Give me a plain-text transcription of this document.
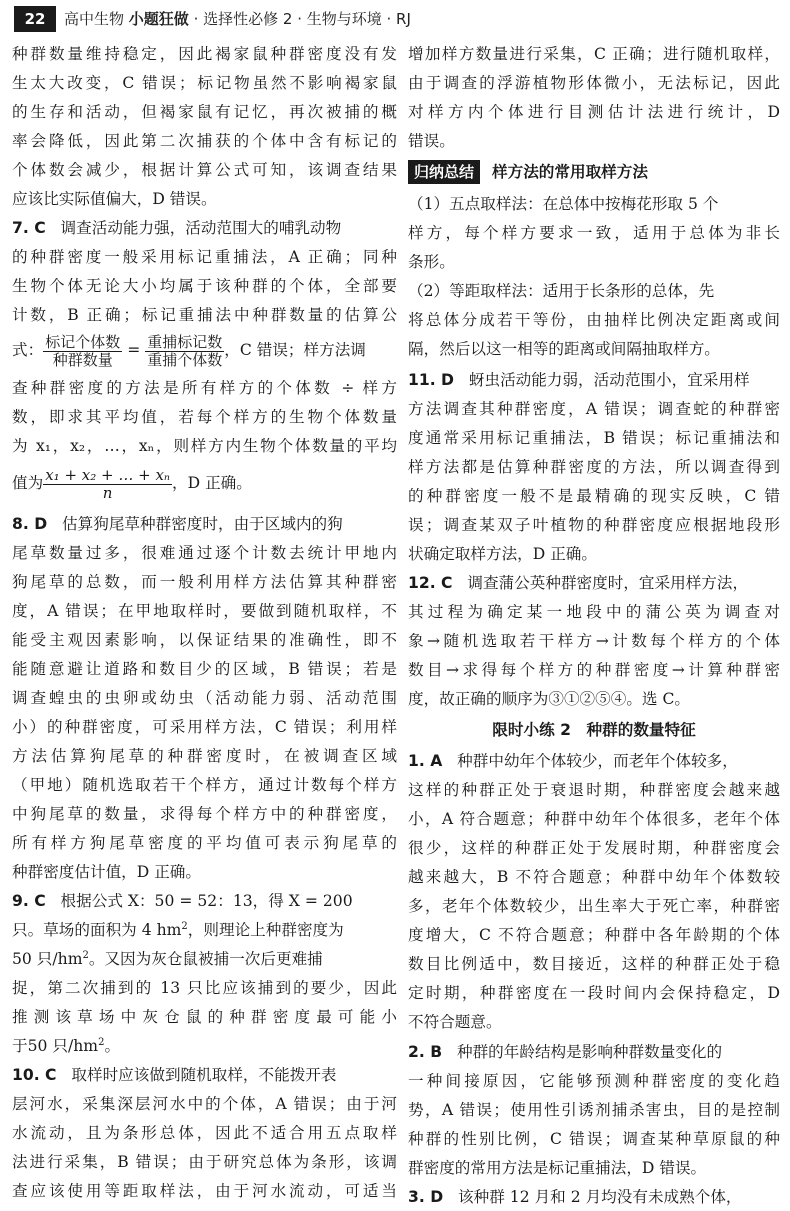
22	高中生物 小题狂做 · 选择性必修 2 · 生物与环境 · RJ
种群数量维持稳定，因此褐家鼠种群密度没有发
生太大改变，C 错误；标记物虽然不影响褐家鼠
的生存和活动，但褐家鼠有记忆，再次被捕的概
率会降低，因此第二次捕获的个体中含有标记的
个体数会减少，根据计算公式可知，该调查结果
应该比实际值偏大，D 错误。
7. C 调查活动能力强，活动范围大的哺乳动物
的种群密度一般采用标记重捕法，A 正确；同种
生物个体无论大小均属于该种群的个体，全部要
计数，B 正确；标记重捕法中种群数量的估算公
式： 标记个体数
种群数量
= 重捕标记数
重捕个体数
，C 错误；样方法调
查种群密度的方法是所有样方的个体数 ÷ 样方
数，即求其平均值，若每个样方的生物个体数量
为 x₁，x₂，…，xₙ，则样方内生物个体数量的平均
值为 $\frac{\text{x₁ + x₂ + … + xₙ}}{n}$ ，D 正确。
8. D 估算狗尾草种群密度时，由于区域内的狗
尾草数量过多，很难通过逐个计数去统计甲地内
狗尾草的总数，而一般利用样方法估算其种群密
度，A 错误；在甲地取样时，要做到随机取样，不
能受主观因素影响，以保证结果的准确性，即不
能随意避让道路和数目少的区域，B 错误；若是
调查蝗虫的虫卵或幼虫（活动能力弱、活动范围
小）的种群密度，可采用样方法，C 错误；利用样
方法估算狗尾草的种群密度时，在被调查区域
（甲地）随机选取若干个样方，通过计数每个样方
中狗尾草的数量，求得每个样方中的种群密度，
所有样方狗尾草密度的平均值可表示狗尾草的
种群密度估计值，D 正确。
9. C 根据公式 X：50 = 52：13，得 X = 200
只。草场的面积为 4 $hm^2$，则理论上种群密度为
50 只$/hm^2$。又因为灰仓鼠被捕一次后更难捕
捉，第二次捕到的 13 只比应该捕到的要少，因此
推测该草场中灰仓鼠的种群密度最可能小
于50 只$/hm^2$。
10. C 取样时应该做到随机取样，不能拨开表
层河水，采集深层河水中的个体，A 错误；由于河
水流动，且为条形总体，因此不适合用五点取样
法进行采集，B 错误；由于研究总体为条形，该调
查应该使用等距取样法，由于河水流动，可适当
增加样方数量进行采集，C 正确；进行随机取样，
由于调查的浮游植物形体微小，无法标记，因此
对样方内个体进行目测估计法进行统计，D
错误。
归纳总结 样方法的常用取样方法
（1）五点取样法：在总体中按梅花形取 5 个
样方，每个样方要求一致，适用于总体为非长
条形。
（2）等距取样法：适用于长条形的总体，先
将总体分成若干等份，由抽样比例决定距离或间
隔，然后以这一相等的距离或间隔抽取样方。
11. D 蚜虫活动能力弱，活动范围小，宜采用样
方法调查其种群密度，A 错误；调查蛇的种群密
度通常采用标记重捕法，B 错误；标记重捕法和
样方法都是估算种群密度的方法，所以调查得到
的种群密度一般不是最精确的现实反映，C 错
误；调查某双子叶植物的种群密度应根据地段形
状确定取样方法，D 正确。
12. C 调查蒲公英种群密度时，宜采用样方法，
其过程为确定某一地段中的蒲公英为调查对
象→随机选取若干样方→计数每个样方的个体
数目→求得每个样方的种群密度→计算种群密
度，故正确的顺序为③①②⑤④。选 C。
限时小练 2　种群的数量特征
1. A 种群中幼年个体较少，而老年个体较多，
这样的种群正处于衰退时期，种群密度会越来越
小，A 符合题意；种群中幼年个体很多，老年个体
很少，这样的种群正处于发展时期，种群密度会
越来越大，B 不符合题意；种群中幼年个体数较
多，老年个体数较少，出生率大于死亡率，种群密
度增大，C 不符合题意；种群中各年龄期的个体
数目比例适中，数目接近，这样的种群正处于稳
定时期，种群密度在一段时间内会保持稳定，D
不符合题意。
2. B 种群的年龄结构是影响种群数量变化的
一种间接原因，它能够预测种群密度的变化趋
势，A 错误；使用性引诱剂捕杀害虫，目的是控制
种群的性别比例，C 错误；调查某种草原鼠的种
群密度的常用方法是标记重捕法，D 错误。
3. D 该种群 12 月和 2 月均没有未成熟个体，
